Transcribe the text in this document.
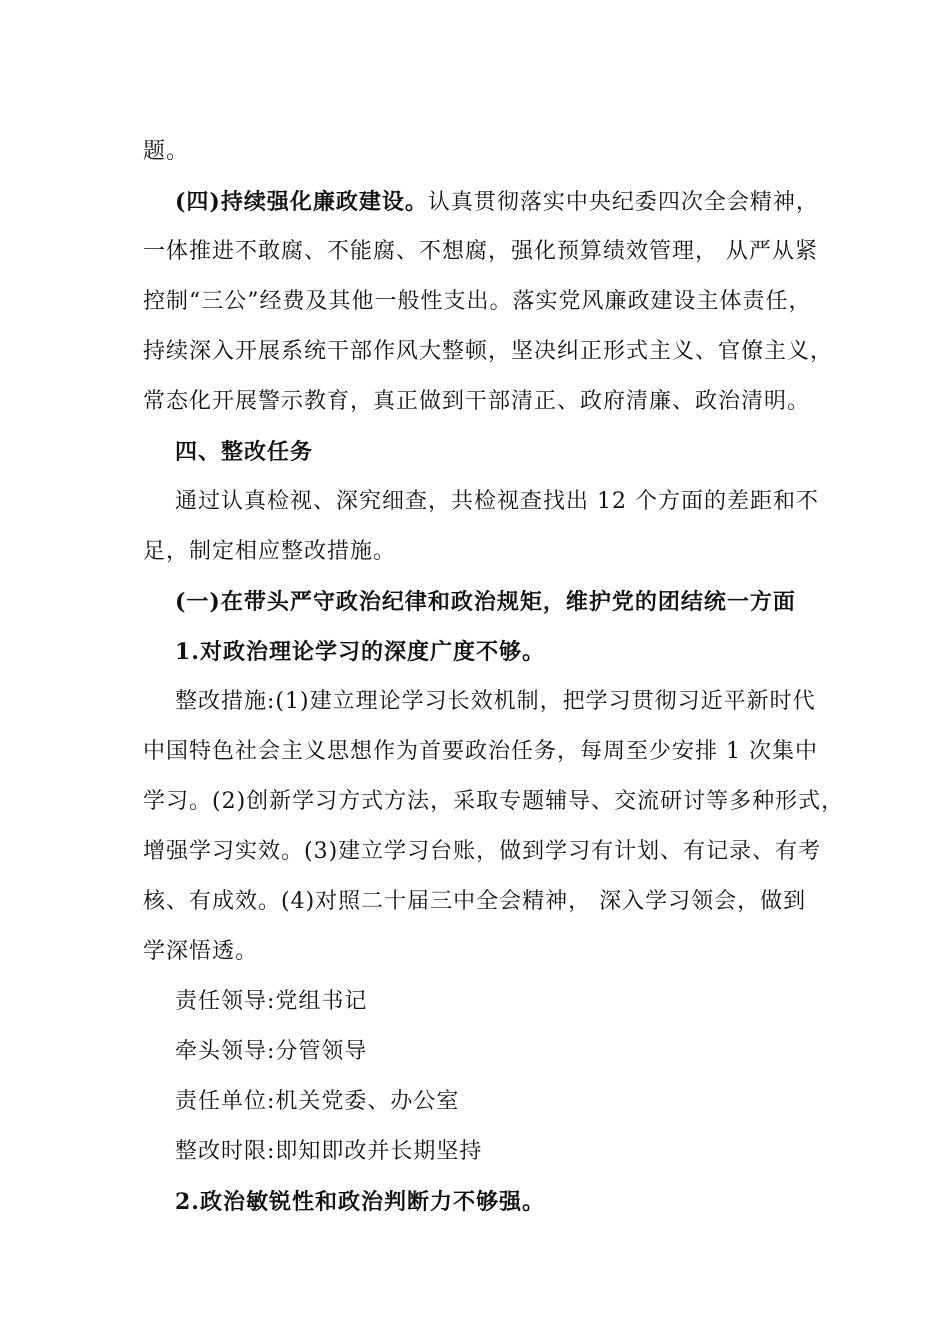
题。
(四)持续强化廉政建设。认真贯彻落实中央纪委四次全会精神，
一体推进不敢腐、不能腐、不想腐，强化预算绩效管理， 从严从紧
控制“三公”经费及其他一般性支出。落实党风廉政建设主体责任，
持续深入开展系统干部作风大整顿，坚决纠正形式主义、官僚主义，
常态化开展警示教育，真正做到干部清正、政府清廉、政治清明。
四、整改任务
通过认真检视、深究细查，共检视查找出 12 个方面的差距和不
足，制定相应整改措施。
(一)在带头严守政治纪律和政治规矩，维护党的团结统一方面
1.对政治理论学习的深度广度不够。
整改措施:(1)建立理论学习长效机制，把学习贯彻习近平新时代
中国特色社会主义思想作为首要政治任务，每周至少安排 1 次集中
学习。(2)创新学习方式方法，采取专题辅导、交流研讨等多种形式，
增强学习实效。(3)建立学习台账，做到学习有计划、有记录、有考
核、有成效。(4)对照二十届三中全会精神， 深入学习领会，做到
学深悟透。
责任领导:党组书记
牵头领导:分管领导
责任单位:机关党委、办公室
整改时限:即知即改并长期坚持
2.政治敏锐性和政治判断力不够强。
